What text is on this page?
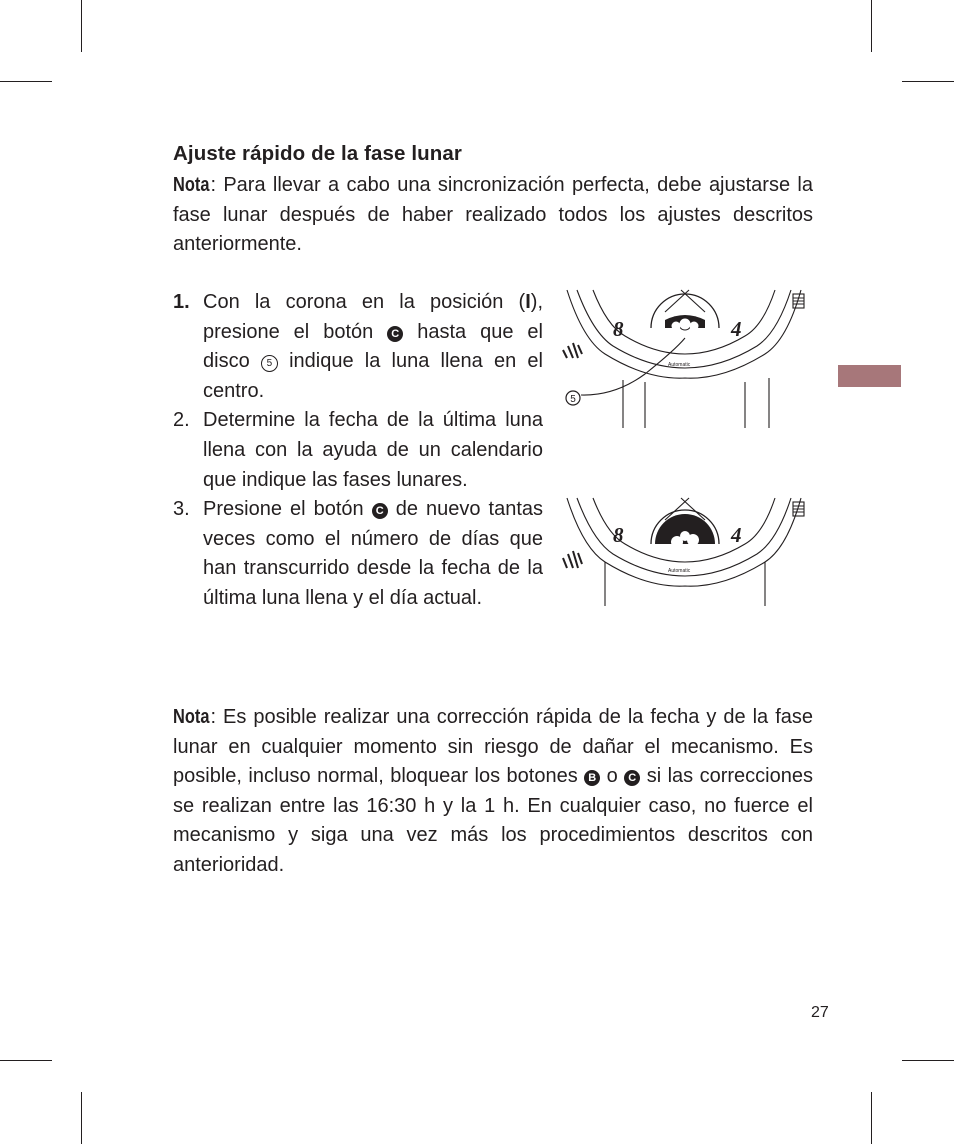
Ajuste rápido de la fase lunar

Nota: Para llevar a cabo una sincronización perfecta, debe ajustarse la fase lunar después de haber realizado todos los ajustes descritos anteriormente.

1. Con la corona en la posición (I), presione el botón C hasta que el disco 5 indique la luna llena en el centro.
2. Determine la fecha de la última luna llena con la ayuda de un calendario que indique las fases lunares.
3. Presione el botón C de nuevo tantas veces como el número de días que han transcurrido desde la fecha de la última luna llena y el día actual.
8	4
Automatic
5
8	4
Automatic

Nota: Es posible realizar una corrección rápida de la fecha y de la fase lunar en cualquier momento sin riesgo de dañar el mecanismo. Es posible, incluso normal, bloquear los botones B o C si las correcciones se realizan entre las 16:30 h y la 1 h. En cualquier caso, no fuerce el mecanismo y siga una vez más los procedimientos descritos con anterioridad.

27
